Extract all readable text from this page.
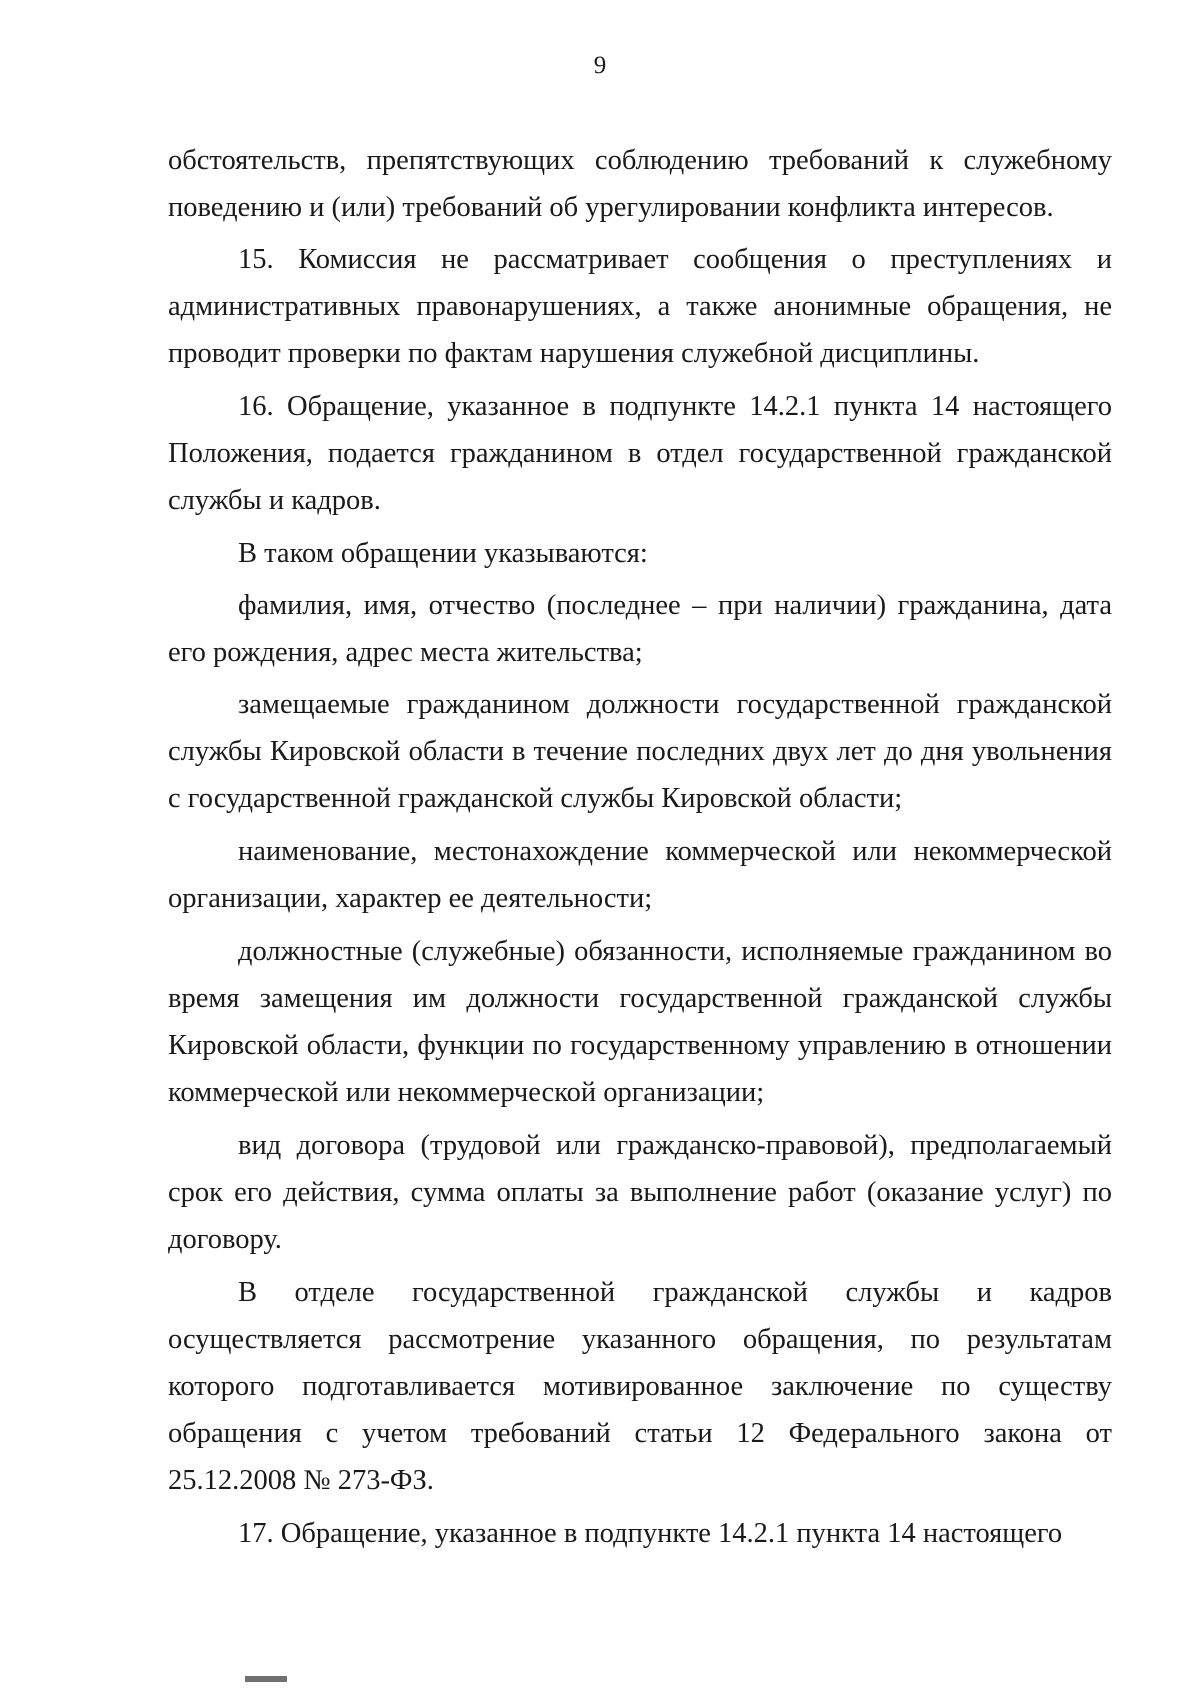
9

обстоятельств, препятствующих соблюдению требований к служебному поведению и (или) требований об урегулировании конфликта интересов.

15. Комиссия не рассматривает сообщения о преступлениях и административных правонарушениях, а также анонимные обращения, не проводит проверки по фактам нарушения служебной дисциплины.

16. Обращение, указанное в подпункте 14.2.1 пункта 14 настоящего Положения, подается гражданином в отдел государственной гражданской службы и кадров.

В таком обращении указываются:

фамилия, имя, отчество (последнее – при наличии) гражданина, дата его рождения, адрес места жительства;

замещаемые гражданином должности государственной гражданской службы Кировской области в течение последних двух лет до дня увольнения с государственной гражданской службы Кировской области;

наименование, местонахождение коммерческой или некоммерческой организации, характер ее деятельности;

должностные (служебные) обязанности, исполняемые гражданином во время замещения им должности государственной гражданской службы Кировской области, функции по государственному управлению в отношении коммерческой или некоммерческой организации;

вид договора (трудовой или гражданско-правовой), предполагаемый срок его действия, сумма оплаты за выполнение работ (оказание услуг) по договору.

В отделе государственной гражданской службы и кадров осуществляется рассмотрение указанного обращения, по результатам которого подготавливается мотивированное заключение по существу обращения с учетом требований статьи 12 Федерального закона от 25.12.2008 № 273-ФЗ.

17. Обращение, указанное в подпункте 14.2.1 пункта 14 настоящего
